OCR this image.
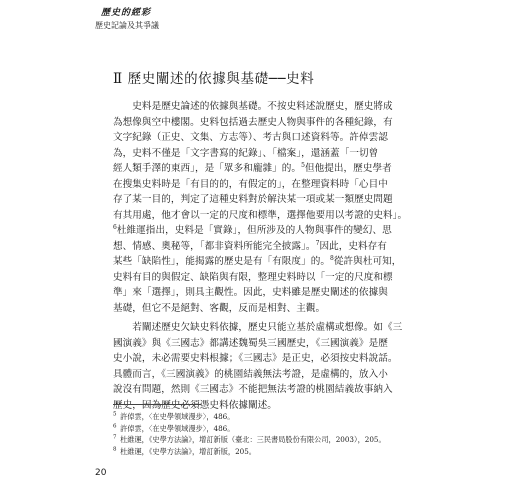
歷史的經彩
歷史記論及其爭議
Ⅱ 歷史闡述的依據與基礎──史料
　　史料是歷史論述的依據與基礎。不按史料述說歷史，歷史將成
為想像與空中樓閣。史料包括過去歷史人物與事件的各種紀錄，有
文字紀錄（正史、文集、方志等）、考古與口述資料等。許倬雲認
為，史料不僅是「文字書寫的紀錄」、「檔案」，還涵蓋「一切曾
經人類手澤的東西」，是「眾多和龐雜」的。$^5$但他提出，歷史學者
在搜集史料時是「有目的的，有假定的」，在整理資料時「心目中
存了某一目的，判定了這種史料對於解決某一項或某一類歷史問題
有其用處，他才會以一定的尺度和標準，選擇他要用以考證的史料」。
$^6$杜維運指出，史料是「實錄」，但所涉及的人物與事件的變幻、思
想、情感、奧秘等，「都非資料所能完全披露」。$^7$因此，史料存有
某些「缺陷性」，能揭露的歷史是有「有限度」的。$^8$從許與杜可知，
史料有目的與假定、缺陷與有限，整理史料時以「一定的尺度和標
準」來「選擇」，則具主觀性。因此，史料雖是歷史闡述的依據與
基礎，但它不是絕對、客觀，反而是相對、主觀。
　　若闡述歷史欠缺史料依據，歷史只能立基於虛構或想像。如《三
國演義》與《三國志》都講述魏蜀吳三國歷史，《三國演義》是歷
史小說，未必需要史料根據；《三國志》是正史，必須按史料說話。
具體而言，《三國演義》的桃園結義無法考證，是虛構的，放入小
說沒有問題，然則《三國志》不能把無法考證的桃園結義故事納入
歷史，因為歷史必須憑史料依據闡述。
$^5$ 許倬雲，〈在史學領域漫步〉，486。
$^6$ 許倬雲，〈在史學領域漫步〉，486。
$^7$ 杜維運，《史學方法論》，增訂新版（臺北：三民書局股份有限公司，2003），205。
$^8$ 杜維運，《史學方法論》，增訂新版，205。
20
